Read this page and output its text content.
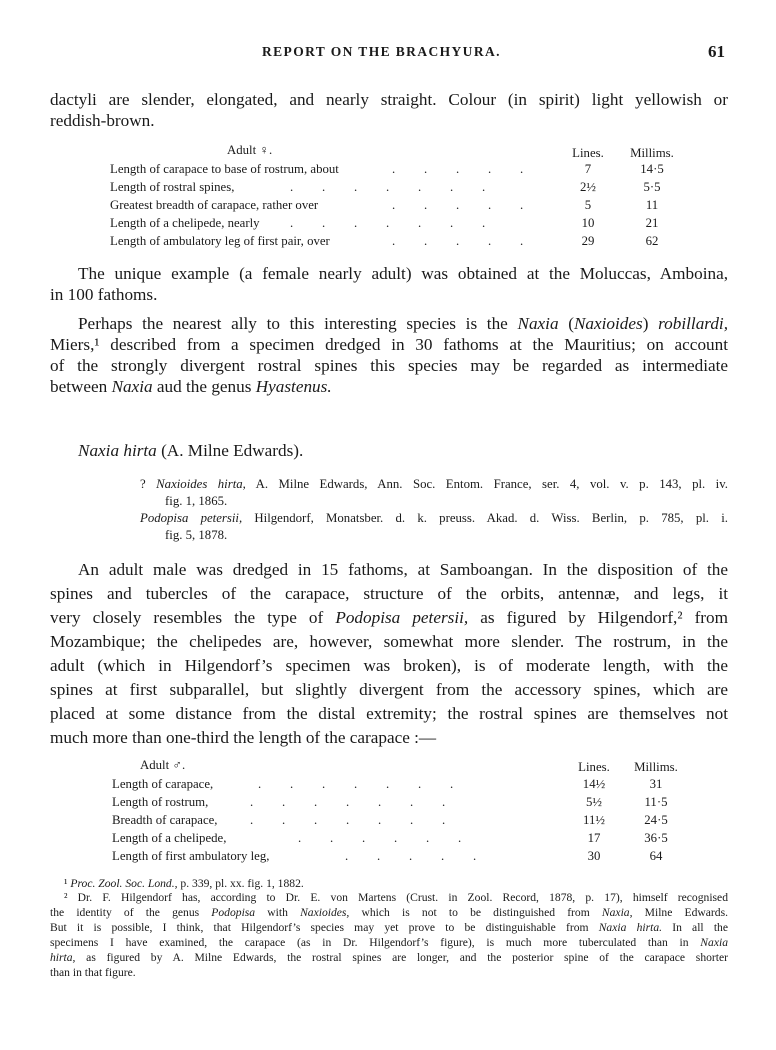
REPORT ON THE BRACHYURA.	61
dactyli are slender, elongated, and nearly straight. Colour (in spirit) light yellowish or
reddish-brown.
Adult ♀.	Lines.	Millims.
Length of carapace to base of rostrum, about	.         .         .         .         .	7	14·5
Length of rostral spines,	.         .         .         .         .         .         .	2½	5·5
Greatest breadth of carapace, rather over	.         .         .         .         .	5	11
Length of a chelipede, nearly .         .         .         .         .         .         .	10	21
Length of ambulatory leg of first pair, over	.         .         .         .         .	29	62
The unique example (a female nearly adult) was obtained at the Moluccas, Amboina,
in 100 fathoms.
Perhaps the nearest ally to this interesting species is the Naxia (Naxioides) robillardi,
Miers,¹ described from a specimen dredged in 30 fathoms at the Mauritius; on account
of the strongly divergent rostral spines this species may be regarded as intermediate
between Naxia aud the genus Hyastenus.
Naxia hirta (A. Milne Edwards).
? Naxioides hirta, A. Milne Edwards, Ann. Soc. Entom. France, ser. 4, vol. v. p. 143, pl. iv.
fig. 1, 1865.
Podopisa petersii, Hilgendorf, Monatsber. d. k. preuss. Akad. d. Wiss. Berlin, p. 785, pl. i.
fig. 5, 1878.
An adult male was dredged in 15 fathoms, at Samboangan. In the disposition of the
spines and tubercles of the carapace, structure of the orbits, antennæ, and legs, it
very closely resembles the type of Podopisa petersii, as figured by Hilgendorf,² from
Mozambique; the chelipedes are, however, somewhat more slender. The rostrum, in the
adult (which in Hilgendorf’s specimen was broken), is of moderate length, with the
spines at first subparallel, but slightly divergent from the accessory spines, which are
placed at some distance from the distal extremity; the rostral spines are themselves not
much more than one-third the length of the carapace :—
Adult ♂.	Lines.	Millims.
Length of carapace,	.         .         .         .         .         .         .	14½	31
Length of rostrum,	.         .         .         .         .         .         .	5½	11·5
Breadth of carapace,	.         .         .         .         .         .         .	11½	24·5
Length of a chelipede,	.         .         .         .         .         .	17	36·5
Length of first ambulatory leg,	.         .         .         .         .	30	64
¹ Proc. Zool. Soc. Lond., p. 339, pl. xx. fig. 1, 1882.
² Dr. F. Hilgendorf has, according to Dr. E. von Martens (Crust. in Zool. Record, 1878, p. 17), himself recognised
the identity of the genus Podopisa with Naxioides, which is not to be distinguished from Naxia, Milne Edwards.
But it is possible, I think, that Hilgendorf’s species may yet prove to be distinguishable from Naxia hirta. In all the
specimens I have examined, the carapace (as in Dr. Hilgendorf’s figure), is much more tuberculated than in Naxia
hirta, as figured by A. Milne Edwards, the rostral spines are longer, and the posterior spine of the carapace shorter
than in that figure.
